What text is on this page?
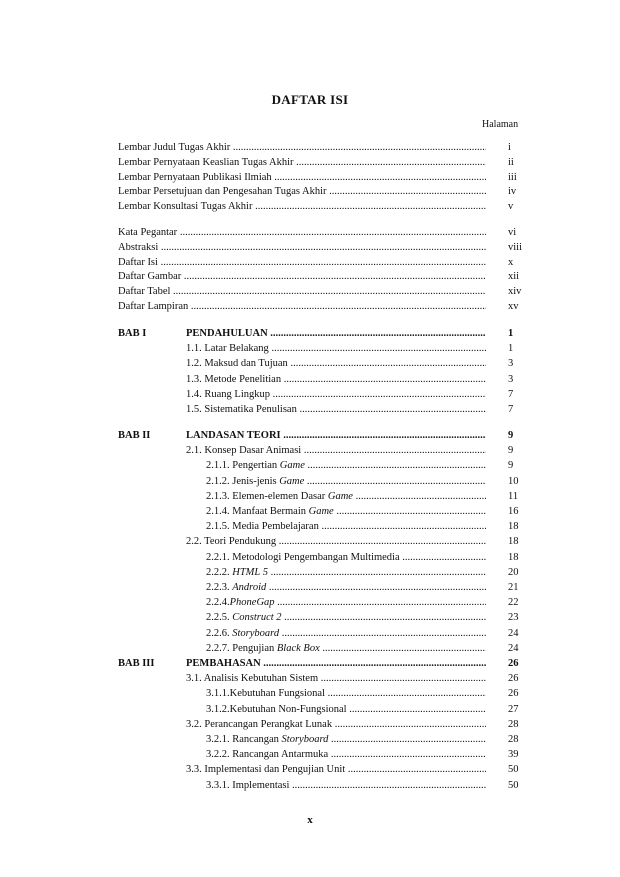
DAFTAR ISI
Halaman
Lembar Judul Tugas Akhir .....	i
Lembar Pernyataan Keaslian Tugas Akhir .....	ii
Lembar Pernyataan Publikasi Ilmiah .....	iii
Lembar Persetujuan dan Pengesahan Tugas Akhir .....	iv
Lembar Konsultasi Tugas Akhir .....	v
Kata Pegantar .....	vi
Abstraksi .....	viii
Daftar Isi .....	x
Daftar Gambar .....	xii
Daftar Tabel .....	xiv
Daftar Lampiran .....	xv
BAB I	PENDAHULUAN .....	1
1.1. Latar Belakang .....	1
1.2. Maksud dan Tujuan .....	3
1.3. Metode Penelitian .....	3
1.4. Ruang Lingkup .....	7
1.5. Sistematika Penulisan .....	7
BAB II	LANDASAN TEORI .....	9
2.1. Konsep Dasar Animasi .....	9
2.1.1. Pengertian Game .....	9
2.1.2. Jenis-jenis Game .....	10
2.1.3. Elemen-elemen Dasar Game .....	11
2.1.4. Manfaat Bermain Game .....	16
2.1.5. Media Pembelajaran .....	18
2.2. Teori Pendukung .....	18
2.2.1. Metodologi Pengembangan Multimedia .....	18
2.2.2. HTML 5 .....	20
2.2.3. Android .....	21
2.2.4.PhoneGap .....	22
2.2.5. Construct 2 .....	23
2.2.6. Storyboard .....	24
2.2.7. Pengujian Black Box .....	24
BAB III	PEMBAHASAN .....	26
3.1. Analisis Kebutuhan Sistem .....	26
3.1.1.Kebutuhan Fungsional .....	26
3.1.2.Kebutuhan Non-Fungsional .....	27
3.2. Perancangan Perangkat Lunak .....	28
3.2.1. Rancangan Storyboard .....	28
3.2.2. Rancangan Antarmuka .....	39
3.3. Implementasi dan Pengujian Unit .....	50
3.3.1. Implementasi .....	50
x
